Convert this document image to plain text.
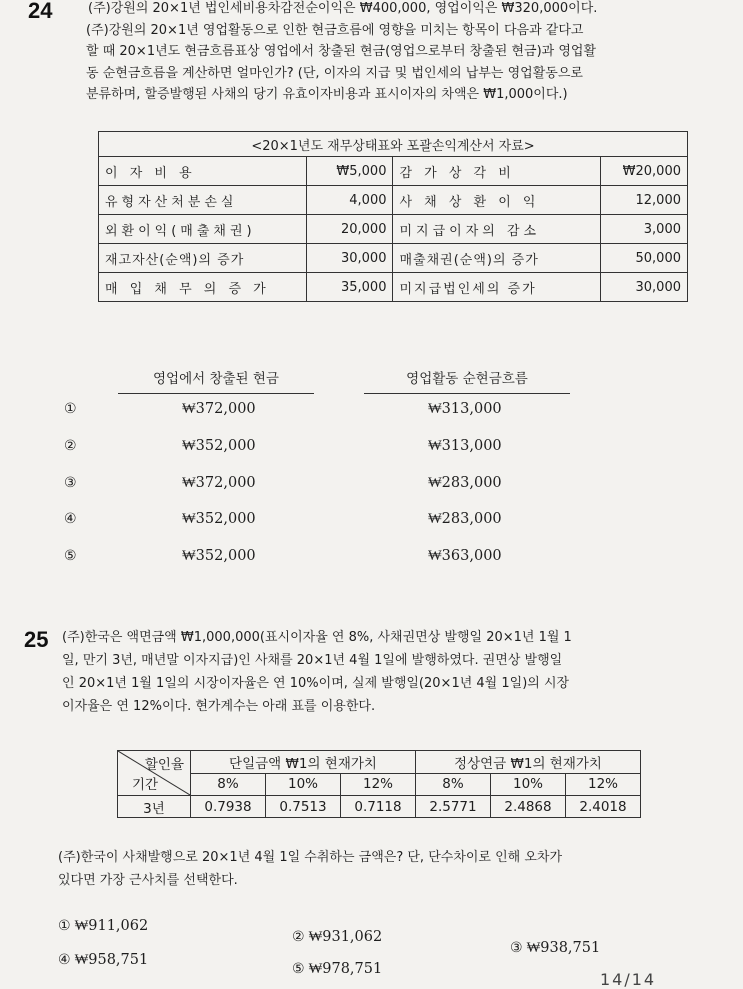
24	(주)강원의 20×1년 법인세비용차감전순이익은 ₩400,000, 영업이익은 ₩320,000이다.
(주)강원의 20×1년 영업활동으로 인한 현금흐름에 영향을 미치는 항목이 다음과 같다고
할 때 20×1년도 현금흐름표상 영업에서 창출된 현금(영업으로부터 창출된 현금)과 영업활
동 순현금흐름을 계산하면 얼마인가? (단, 이자의 지급 및 법인세의 납부는 영업활동으로
분류하며, 할증발행된 사채의 당기 유효이자비용과 표시이자의 차액은 ₩1,000이다.)
<20×1년도 재무상태표와 포괄손익계산서 자료>			
이 자 비 용	₩5,000	감 가 상 각 비	₩20,000
유형자산처분손실	4,000	사 채 상 환 이 익	12,000
외환이익(매출채권)	20,000	미지급이자의 감소	3,000
재고자산(순액)의 증가	30,000	매출채권(순액)의 증가	50,000
매 입 채 무 의 증 가	35,000	미지급법인세의 증가	30,000
영업에서 창출된 현금	영업활동 순현금흐름
①	₩372,000	₩313,000
②	₩352,000	₩313,000
③	₩372,000	₩283,000
④	₩352,000	₩283,000
⑤	₩352,000	₩363,000
25 (주)한국은 액면금액 ₩1,000,000(표시이자율 연 8%, 사채권면상 발행일 20×1년 1월 1
일, 만기 3년, 매년말 이자지급)인 사채를 20×1년 4월 1일에 발행하였다. 권면상 발행일
인 20×1년 1월 1일의 시장이자율은 연 10%이며, 실제 발행일(20×1년 4월 1일)의 시장
이자율은 연 12%이다. 현가계수는 아래 표를 이용한다.
할인율
기간	단일금액 ₩1의 현재가치			정상연금 ₩1의 현재가치		
	8%	10%	12%	8%	10%	12%
3년	0.7938	0.7513	0.7118	2.5771	2.4868	2.4018
(주)한국이 사채발행으로 20×1년 4월 1일 수취하는 금액은? 단, 단수차이로 인해 오차가
있다면 가장 근사치를 선택한다.
① ₩911,062
② ₩931,062
③ ₩938,751
④ ₩958,751
⑤ ₩978,751
14/14
